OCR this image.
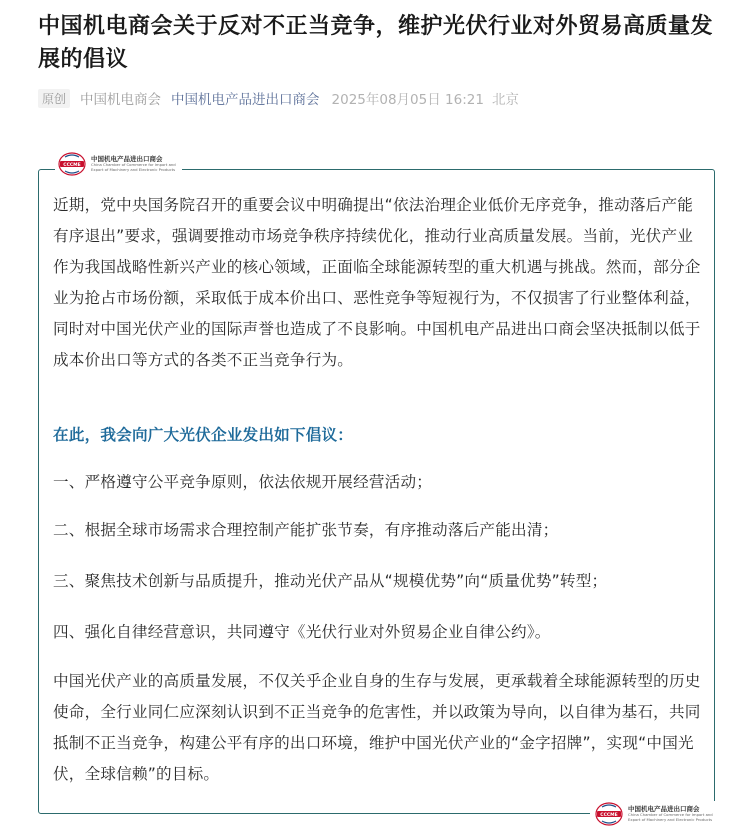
中国机电商会关于反对不正当竞争，维护光伏行业对外贸易高质量发展的倡议
原创 中国机电商会 中国机电产品进出口商会 2025年08月05日 16:21 北京
CCCME
中国机电产品进出口商会
China Chamber of Commerce for Import and
Export of Machinery and Electronic Products

近期，党中央国务院召开的重要会议中明确提出“依法治理企业低价无序竞争，推动落后产能有序退出”要求，强调要推动市场竞争秩序持续优化，推动行业高质量发展。当前，光伏产业作为我国战略性新兴产业的核心领域，正面临全球能源转型的重大机遇与挑战。然而，部分企业为抢占市场份额，采取低于成本价出口、恶性竞争等短视行为，不仅损害了行业整体利益，同时对中国光伏产业的国际声誉也造成了不良影响。中国机电产品进出口商会坚决抵制以低于成本价出口等方式的各类不正当竞争行为。

在此，我会向广大光伏企业发出如下倡议：

一、严格遵守公平竞争原则，依法依规开展经营活动；

二、根据全球市场需求合理控制产能扩张节奏，有序推动落后产能出清；

三、聚焦技术创新与品质提升，推动光伏产品从“规模优势”向“质量优势”转型；

四、强化自律经营意识，共同遵守《光伏行业对外贸易企业自律公约》。

中国光伏产业的高质量发展，不仅关乎企业自身的生存与发展，更承载着全球能源转型的历史使命，全行业同仁应深刻认识到不正当竞争的危害性，并以政策为导向，以自律为基石，共同抵制不正当竞争，构建公平有序的出口环境，维护中国光伏产业的“金字招牌”，实现“中国光伏，全球信赖”的目标。

CCCME
中国机电产品进出口商会
China Chamber of Commerce for Import and
Export of Machinery and Electronic Products
